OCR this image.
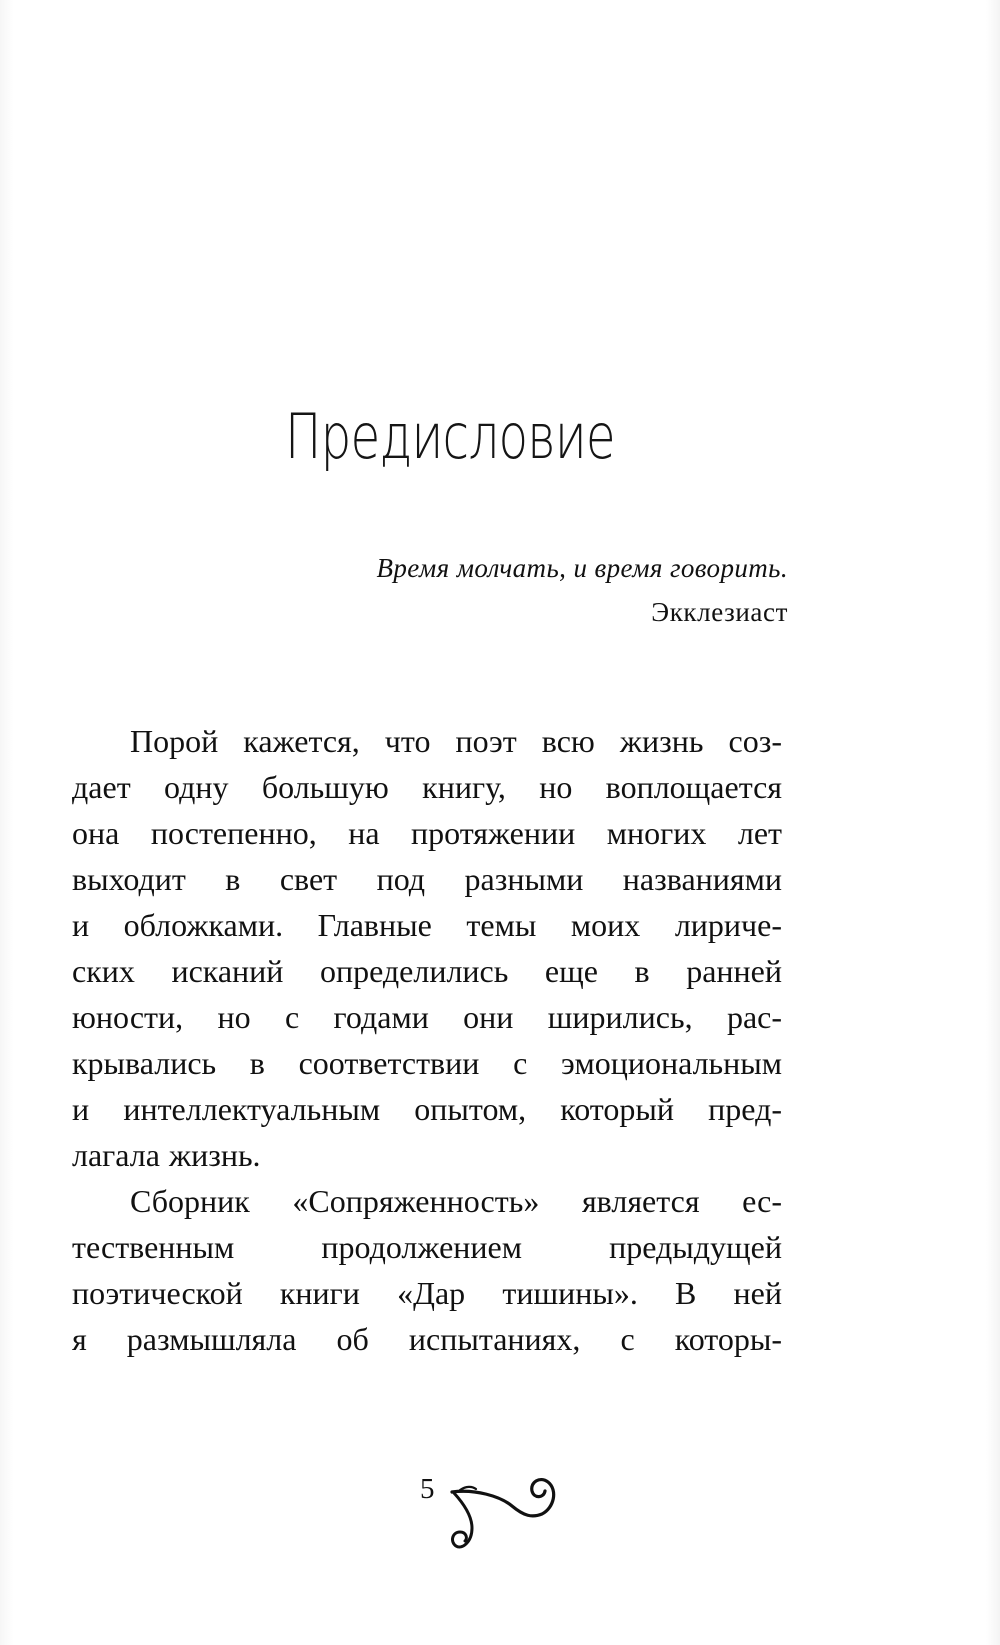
Предисловие
Время молчать, и время говорить.
Экклезиаст
Порой кажется, что поэт всю жизнь соз-
дает одну большую книгу, но воплощается
она постепенно, на протяжении многих лет
выходит в свет под разными названиями
и обложками. Главные темы моих лириче-
ских исканий определились еще в ранней
юности, но с годами они ширились, рас-
крывались в соответствии с эмоциональным
и интеллектуальным опытом, который пред-
лагала жизнь.
Сборник «Сопряженность» является ес-
тественным продолжением предыдущей
поэтической книги «Дар тишины». В ней
я размышляла об испытаниях, с которы-
5
